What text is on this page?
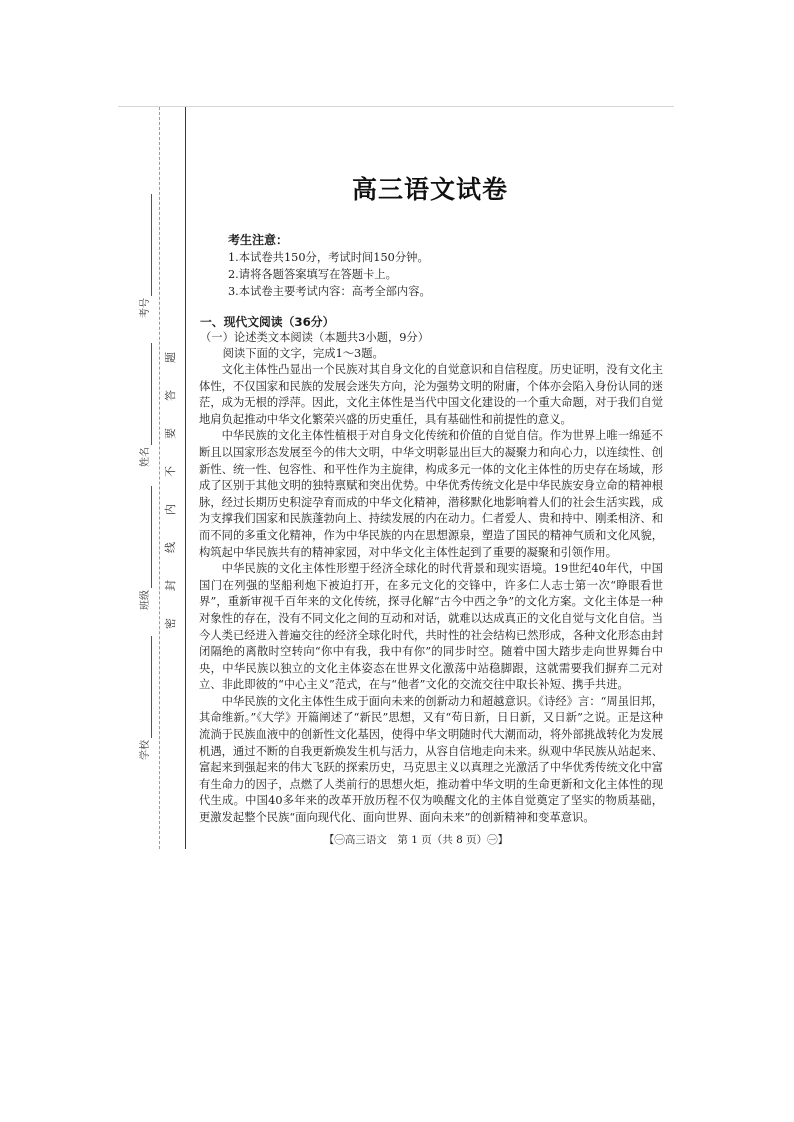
考号
姓名
班级
学校
密封线内不要答题
高三语文试卷
考生注意：
1.本试卷共150分，考试时间150分钟。
2.请将各题答案填写在答题卡上。
3.本试卷主要考试内容：高考全部内容。
一、现代文阅读（36分）
（一）论述类文本阅读（本题共3小题，9分）
阅读下面的文字，完成1～3题。

文化主体性凸显出一个民族对其自身文化的自觉意识和自信程度。历史证明，没有文化主体性，不仅国家和民族的发展会迷失方向，沦为强势文明的附庸，个体亦会陷入身份认同的迷茫，成为无根的浮萍。因此，文化主体性是当代中国文化建设的一个重大命题，对于我们自觉地肩负起推动中华文化繁荣兴盛的历史重任，具有基础性和前提性的意义。

中华民族的文化主体性植根于对自身文化传统和价值的自觉自信。作为世界上唯一绵延不断且以国家形态发展至今的伟大文明，中华文明彰显出巨大的凝聚力和向心力，以连续性、创新性、统一性、包容性、和平性作为主旋律，构成多元一体的文化主体性的历史存在场域，形成了区别于其他文明的独特禀赋和突出优势。中华优秀传统文化是中华民族安身立命的精神根脉，经过长期历史积淀孕育而成的中华文化精神，潜移默化地影响着人们的社会生活实践，成为支撑我们国家和民族蓬勃向上、持续发展的内在动力。仁者爱人、贵和持中、刚柔相济、和而不同的多重文化精神，作为中华民族的内在思想源泉，塑造了国民的精神气质和文化风貌，构筑起中华民族共有的精神家园，对中华文化主体性起到了重要的凝聚和引领作用。

中华民族的文化主体性形塑于经济全球化的时代背景和现实语境。19世纪40年代，中国国门在列强的坚船利炮下被迫打开，在多元文化的交锋中，许多仁人志士第一次“睁眼看世界”，重新审视千百年来的文化传统，探寻化解“古今中西之争”的文化方案。文化主体是一种对象性的存在，没有不同文化之间的互动和对话，就难以达成真正的文化自觉与文化自信。当今人类已经进入普遍交往的经济全球化时代，共时性的社会结构已然形成，各种文化形态由封闭隔绝的离散时空转向“你中有我，我中有你”的同步时空。随着中国大踏步走向世界舞台中央，中华民族以独立的文化主体姿态在世界文化激荡中站稳脚跟，这就需要我们摒弃二元对立、非此即彼的“中心主义”范式，在与“他者”文化的交流交往中取长补短、携手共进。

中华民族的文化主体性生成于面向未来的创新动力和超越意识。《诗经》言：“周虽旧邦，其命维新。”《大学》开篇阐述了“新民”思想，又有“苟日新，日日新，又日新”之说。正是这种流淌于民族血液中的创新性文化基因，使得中华文明随时代大潮而动，将外部挑战转化为发展机遇，通过不断的自我更新焕发生机与活力，从容自信地走向未来。纵观中华民族从站起来、富起来到强起来的伟大飞跃的探索历史，马克思主义以真理之光激活了中华优秀传统文化中富有生命力的因子，点燃了人类前行的思想火炬，推动着中华文明的生命更新和文化主体性的现代生成。中国40多年来的改革开放历程不仅为唤醒文化的主体自觉奠定了坚实的物质基础，更激发起整个民族“面向现代化、面向世界、面向未来”的创新精神和变革意识。

【㊀高三语文　第 1 页（共 8 页）㊀】
